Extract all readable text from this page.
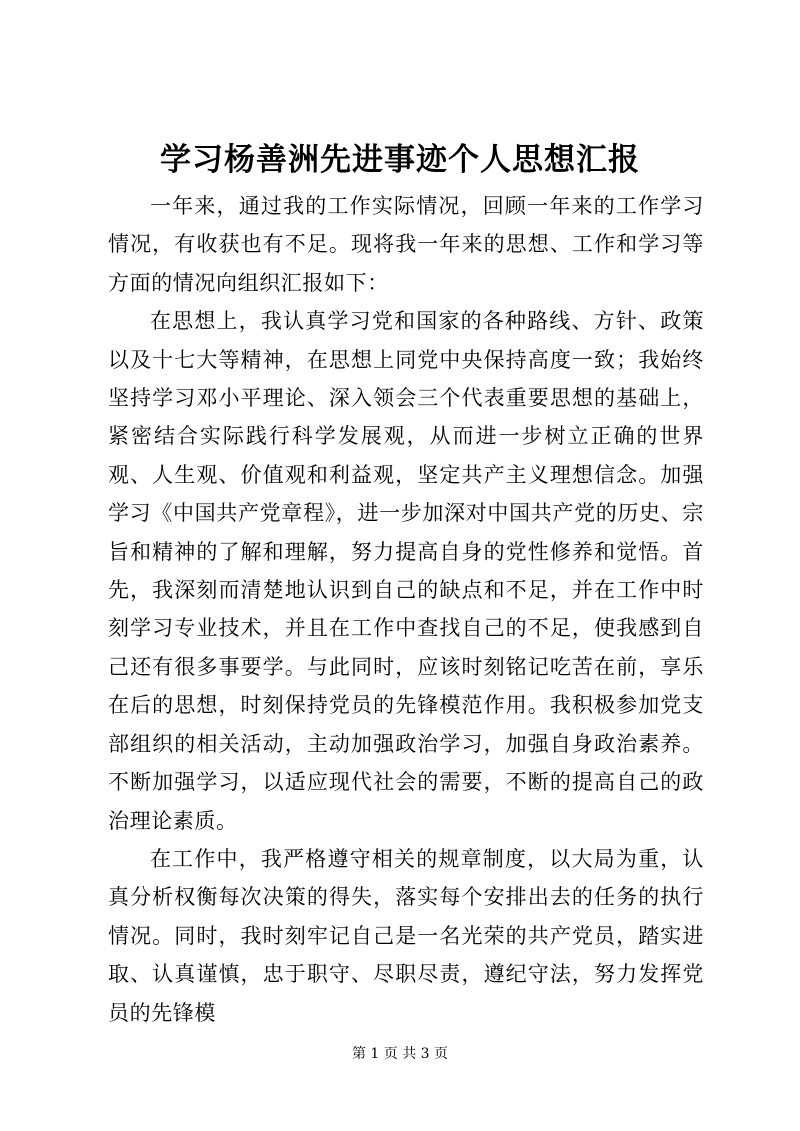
学习杨善洲先进事迹个人思想汇报

一年来，通过我的工作实际情况，回顾一年来的工作学习情况，有收获也有不足。现将我一年来的思想、工作和学习等方面的情况向组织汇报如下：

在思想上，我认真学习党和国家的各种路线、方针、政策以及十七大等精神，在思想上同党中央保持高度一致；我始终坚持学习邓小平理论、深入领会三个代表重要思想的基础上，紧密结合实际践行科学发展观，从而进一步树立正确的世界观、人生观、价值观和利益观，坚定共产主义理想信念。加强学习《中国共产党章程》，进一步加深对中国共产党的历史、宗旨和精神的了解和理解，努力提高自身的党性修养和觉悟。首先，我深刻而清楚地认识到自己的缺点和不足，并在工作中时刻学习专业技术，并且在工作中查找自己的不足，使我感到自己还有很多事要学。与此同时，应该时刻铭记吃苦在前，享乐在后的思想，时刻保持党员的先锋模范作用。我积极参加党支部组织的相关活动，主动加强政治学习，加强自身政治素养。不断加强学习，以适应现代社会的需要，不断的提高自己的政治理论素质。

在工作中，我严格遵守相关的规章制度，以大局为重，认真分析权衡每次决策的得失，落实每个安排出去的任务的执行情况。同时，我时刻牢记自己是一名光荣的共产党员，踏实进取、认真谨慎，忠于职守、尽职尽责，遵纪守法，努力发挥党员的先锋模

第 1 页 共 3 页
